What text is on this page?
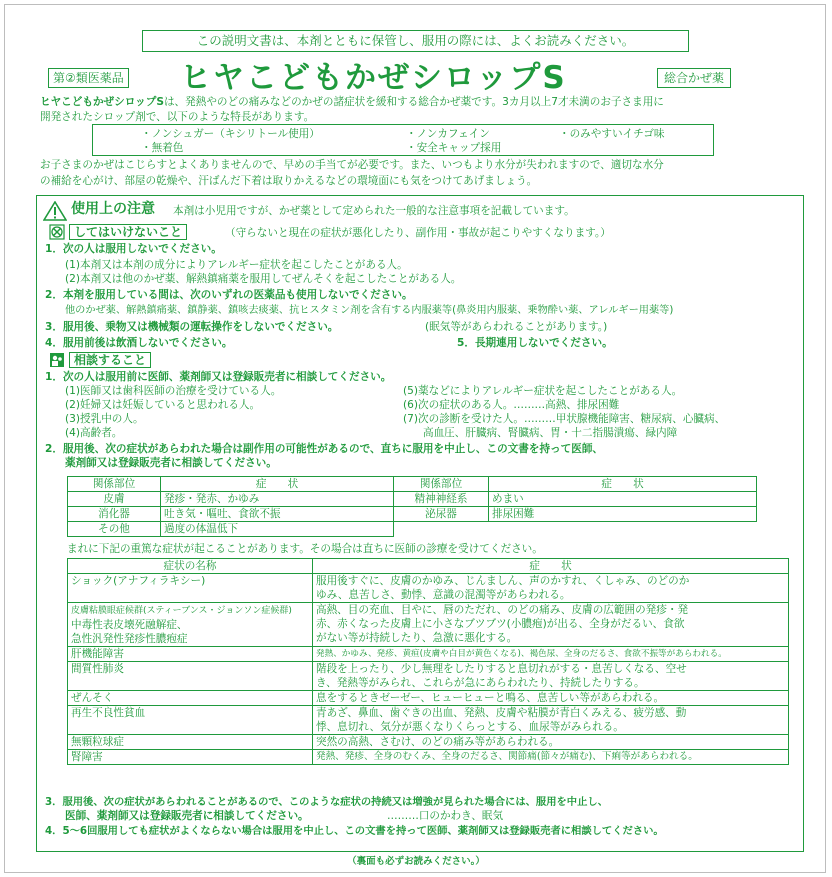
この説明文書は、本剤とともに保管し、服用の際には、よくお読みください。
第②類医薬品 ヒヤこどもかぜシロップS	総合かぜ薬
ヒヤこどもかぜシロップSは、発熱やのどの痛みなどのかぜの諸症状を緩和する総合かぜ薬です。3カ月以上7才未満のお子さま用に
開発されたシロップ剤で、以下のような特長があります。
・ノンシュガー（キシリトール使用）	・ノンカフェイン	・のみやすいイチゴ味
・無着色	・安全キャップ採用
お子さまのかぜはこじらすとよくありませんので、早めの手当てが必要です。また、いつもより水分が失われますので、適切な水分
の補給を心がけ、部屋の乾燥や、汗ばんだ下着は取りかえるなどの環境面にも気をつけてあげましょう。
使用上の注意 本剤は小児用ですが、かぜ薬として定められた一般的な注意事項を記載しています。
してはいけないこと	（守らないと現在の症状が悪化したり、副作用・事故が起こりやすくなります。）
1．次の人は服用しないでください。
(1)本剤又は本剤の成分によりアレルギー症状を起こしたことがある人。
(2)本剤又は他のかぜ薬、解熱鎮痛薬を服用してぜんそくを起こしたことがある人。
2．本剤を服用している間は、次のいずれの医薬品も使用しないでください。
他のかぜ薬、解熱鎮痛薬、鎮静薬、鎮咳去痰薬、抗ヒスタミン剤を含有する内服薬等(鼻炎用内服薬、乗物酔い薬、アレルギー用薬等)
3．服用後、乗物又は機械類の運転操作をしないでください。	(眠気等があらわれることがあります。)
4．服用前後は飲酒しないでください。	5．長期連用しないでください。
相談すること
1．次の人は服用前に医師、薬剤師又は登録販売者に相談してください。
(1)医師又は歯科医師の治療を受けている人。
(2)妊婦又は妊娠していると思われる人。
(3)授乳中の人。
(4)高齢者。
(5)薬などによりアレルギー症状を起こしたことがある人。
(6)次の症状のある人。………高熱、排尿困難
(7)次の診断を受けた人。………甲状腺機能障害、糖尿病、心臓病、
高血圧、肝臓病、腎臓病、胃・十二指腸潰瘍、緑内障
2．服用後、次の症状があらわれた場合は副作用の可能性があるので、直ちに服用を中止し、この文書を持って医師、
薬剤師又は登録販売者に相談してください。
関係部位	症　　状	関係部位	症　　状
皮膚	発疹・発赤、かゆみ	精神神経系	めまい
消化器	吐き気・嘔吐、食欲不振	泌尿器	排尿困難
その他	過度の体温低下		
まれに下記の重篤な症状が起こることがあります。その場合は直ちに医師の診療を受けてください。
症状の名称	症　　状
ショック(アナフィラキシー)	服用後すぐに、皮膚のかゆみ、じんましん、声のかすれ、くしゃみ、のどのか
ゆみ、息苦しさ、動悸、意識の混濁等があらわれる。
皮膚粘膜眼症候群(スティーブンス・ジョンソン症候群)
中毒性表皮壊死融解症、
急性汎発性発疹性膿疱症	高熱、目の充血、目やに、唇のただれ、のどの痛み、皮膚の広範囲の発疹・発
赤、赤くなった皮膚上に小さなブツブツ(小膿疱)が出る、全身がだるい、食欲
がない等が持続したり、急激に悪化する。
肝機能障害	発熱、かゆみ、発疹、黄疸(皮膚や白目が黄色くなる)、褐色尿、全身のだるさ、食欲不振等があらわれる。
間質性肺炎	階段を上ったり、少し無理をしたりすると息切れがする・息苦しくなる、空せ
き、発熱等がみられ、これらが急にあらわれたり、持続したりする。
ぜんそく	息をするときゼーゼー、ヒューヒューと鳴る、息苦しい等があらわれる。
再生不良性貧血	青あざ、鼻血、歯ぐきの出血、発熱、皮膚や粘膜が青白くみえる、疲労感、動
悸、息切れ、気分が悪くなりくらっとする、血尿等がみられる。
無顆粒球症	突然の高熱、さむけ、のどの痛み等があらわれる。
腎障害	発熱、発疹、全身のむくみ、全身のだるさ、関節痛(節々が痛む)、下痢等があらわれる。
3．服用後、次の症状があらわれることがあるので、このような症状の持続又は増強が見られた場合には、服用を中止し、
医師、薬剤師又は登録販売者に相談してください。	………口のかわき、眠気
4．5～6回服用しても症状がよくならない場合は服用を中止し、この文書を持って医師、薬剤師又は登録販売者に相談してください。
（裏面も必ずお読みください。）
